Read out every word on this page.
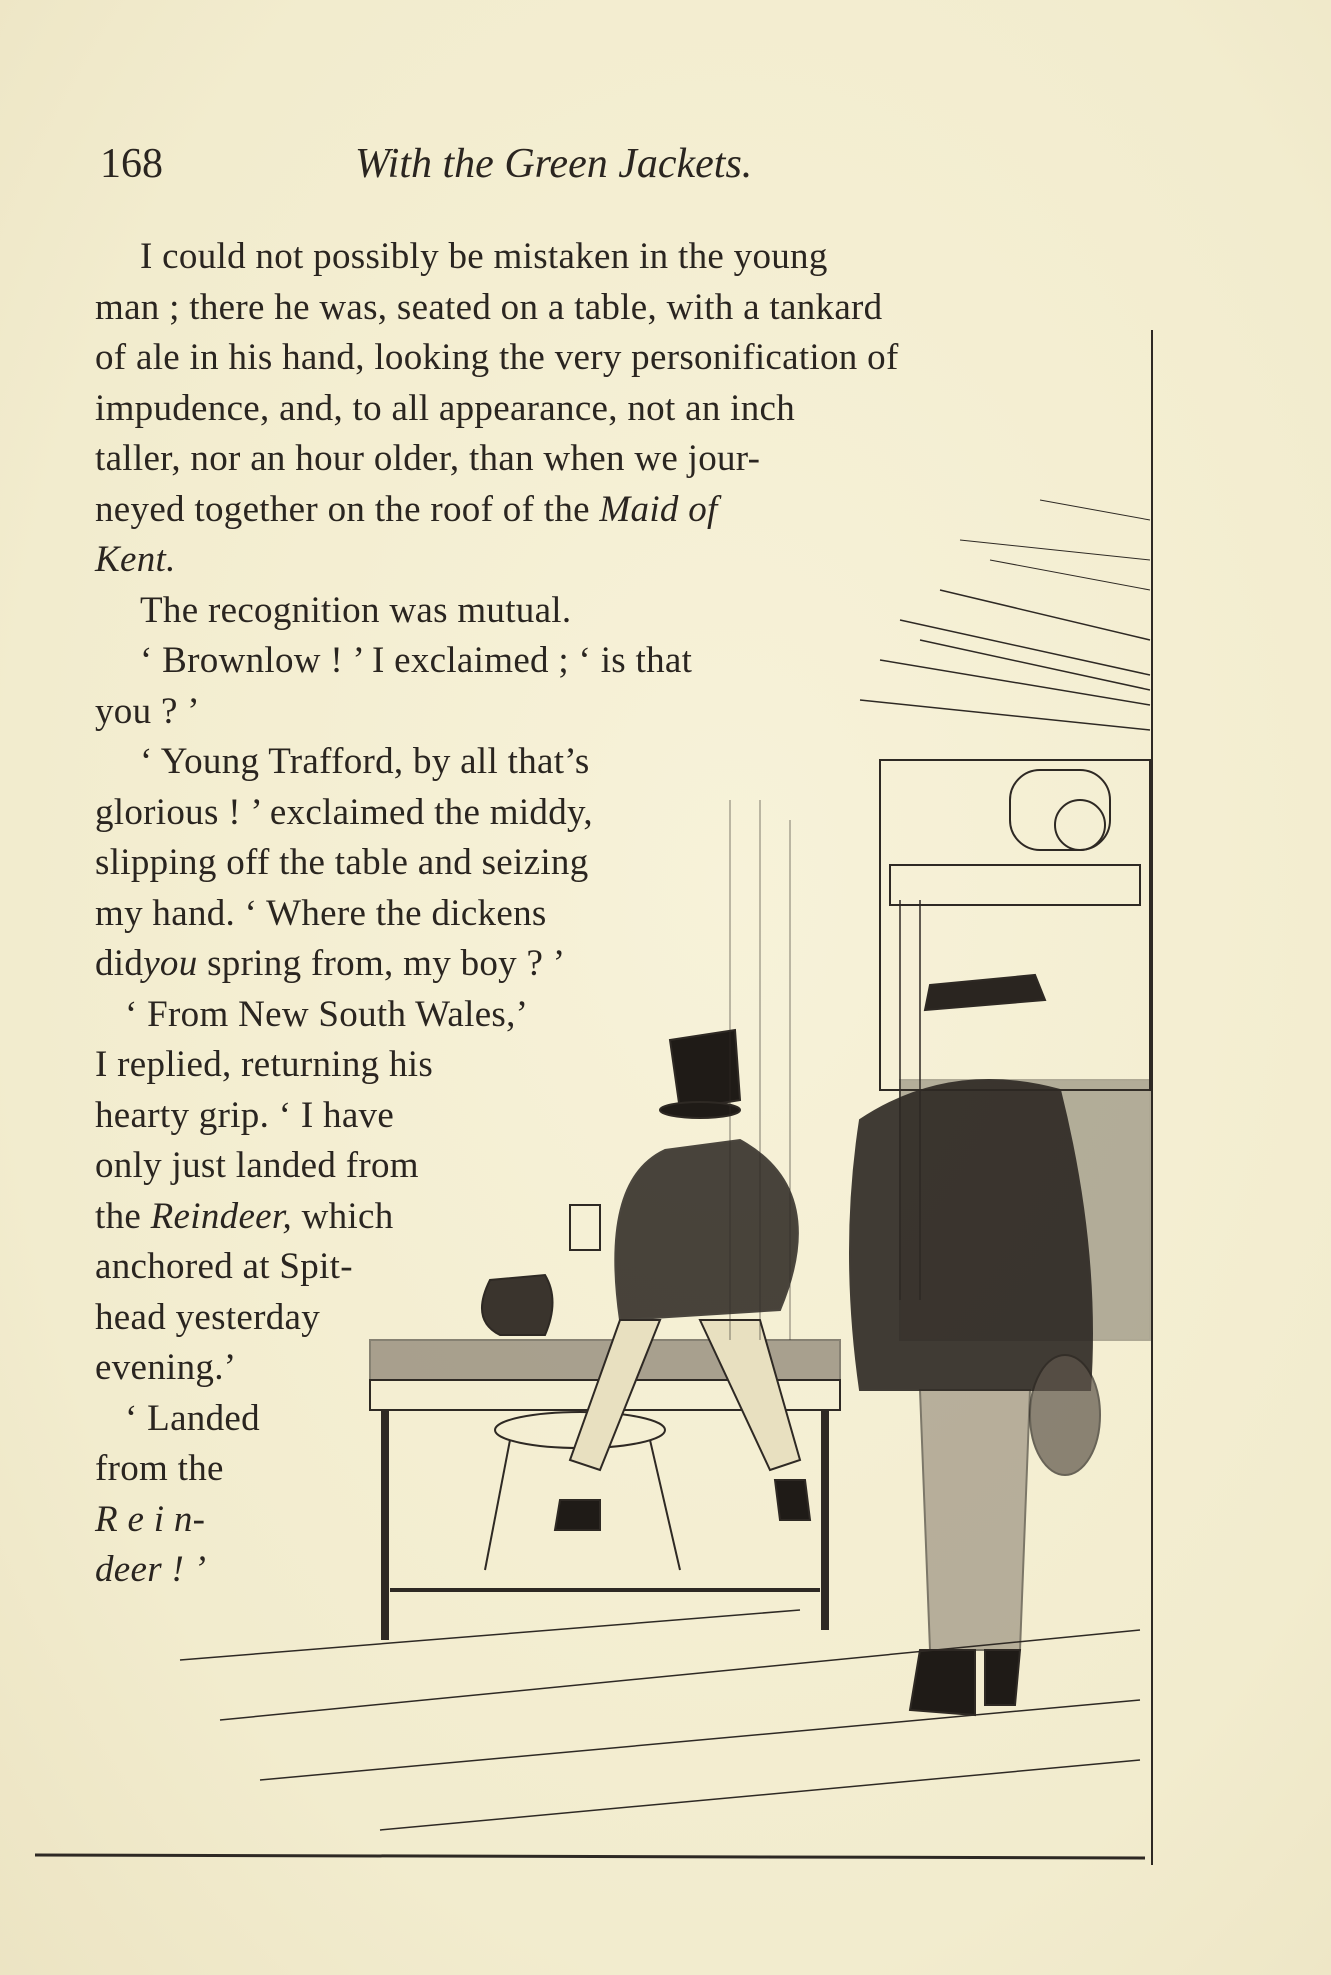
168	With the Green Jackets.
I could not possibly be mistaken in the young
man ; there he was, seated on a table, with a tankard
of ale in his hand, looking the very personification of
impudence, and, to all appearance, not an inch
taller, nor an hour older, than when we jour-
neyed together on the roof of the Maid of
Kent.
The recognition was mutual.
‘ Brownlow ! ’ I exclaimed ; ‘ is that
you ? ’
‘ Young Trafford, by all that’s
glorious ! ’ exclaimed the middy,
slipping off the table and seizing
my hand. ‘ Where the dickens
didyou spring from, my boy ? ’
‘ From New South Wales,’
I replied, returning his
hearty grip. ‘ I have
only just landed from
the Reindeer, which
anchored at Spit-
head yesterday
evening.’
‘ Landed
from the
R e i n-
deer ! ’
